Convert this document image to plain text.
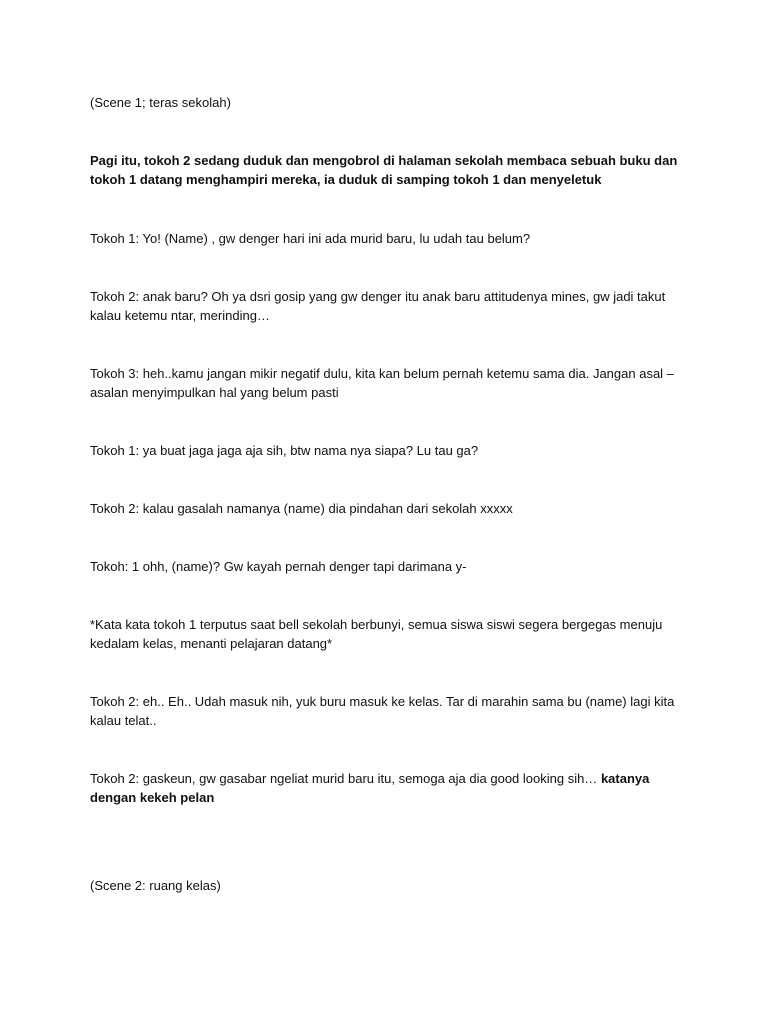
(Scene 1; teras sekolah)

Pagi itu, tokoh 2 sedang duduk dan mengobrol di halaman sekolah membaca sebuah buku dan tokoh 1 datang menghampiri mereka, ia duduk di samping tokoh 1 dan menyeletuk

Tokoh 1: Yo! (Name) , gw denger hari ini ada murid baru, lu udah tau belum?

Tokoh 2: anak baru? Oh ya dsri gosip yang gw denger itu anak baru attitudenya mines, gw jadi takut kalau ketemu ntar, merinding…

Tokoh 3: heh..kamu jangan mikir negatif dulu, kita kan belum pernah ketemu sama dia. Jangan asal – asalan menyimpulkan hal yang belum pasti

Tokoh 1: ya buat jaga jaga aja sih, btw nama nya siapa? Lu tau ga?

Tokoh 2: kalau gasalah namanya (name) dia pindahan dari sekolah xxxxx

Tokoh: 1 ohh, (name)? Gw kayah pernah denger tapi darimana y-

*Kata kata tokoh 1 terputus saat bell sekolah berbunyi, semua siswa siswi segera bergegas menuju kedalam kelas, menanti pelajaran datang*

Tokoh 2: eh.. Eh.. Udah masuk nih, yuk buru masuk ke kelas. Tar di marahin sama bu (name) lagi kita kalau telat..

Tokoh 2: gaskeun, gw gasabar ngeliat murid baru itu, semoga aja dia good looking sih… katanya dengan kekeh pelan

(Scene 2: ruang kelas)
